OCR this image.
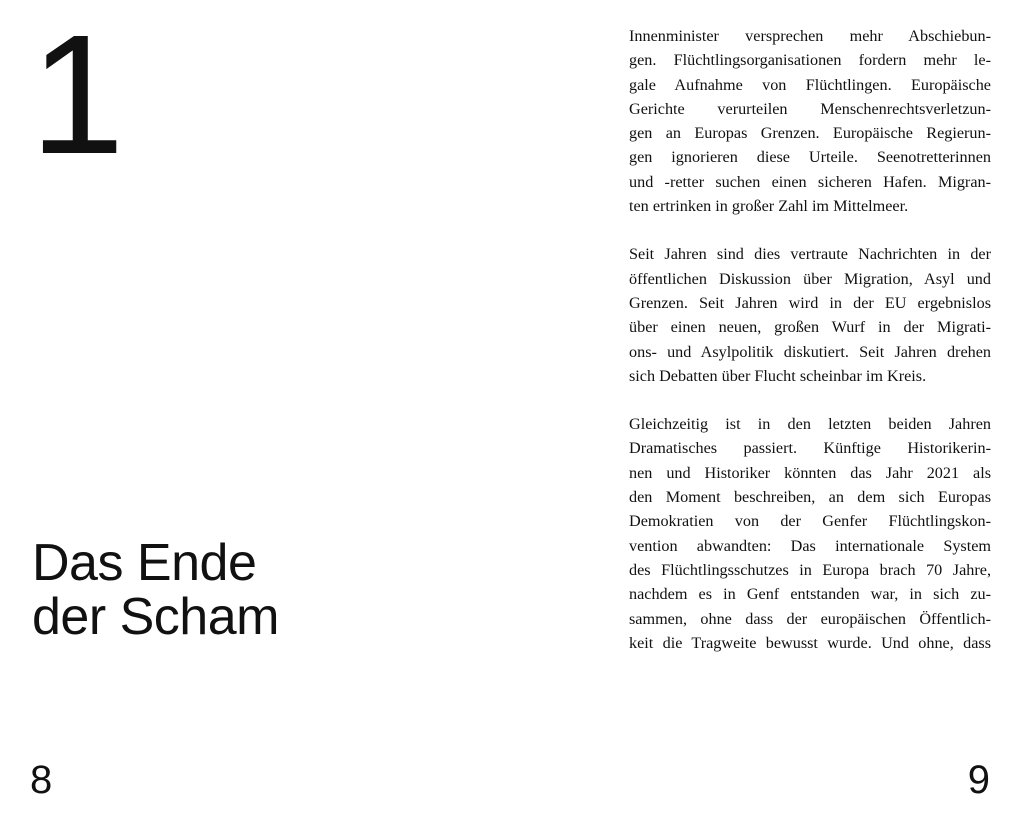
1
Das Ende
der Scham
8	9

Innenminister versprechen mehr Abschiebun-
gen. Flüchtlingsorganisationen fordern mehr le-
gale Aufnahme von Flüchtlingen. Europäische
Gerichte verurteilen Menschenrechtsverletzun-
gen an Europas Grenzen. Europäische Regierun-
gen ignorieren diese Urteile. Seenotretterinnen
und -retter suchen einen sicheren Hafen. Migran-
ten ertrinken in großer Zahl im Mittelmeer.

Seit Jahren sind dies vertraute Nachrichten in der
öffentlichen Diskussion über Migration, Asyl und
Grenzen. Seit Jahren wird in der EU ergebnislos
über einen neuen, großen Wurf in der Migrati-
ons- und Asylpolitik diskutiert. Seit Jahren drehen
sich Debatten über Flucht scheinbar im Kreis.

Gleichzeitig ist in den letzten beiden Jahren
Dramatisches passiert. Künftige Historikerin-
nen und Historiker könnten das Jahr 2021 als
den Moment beschreiben, an dem sich Europas
Demokratien von der Genfer Flüchtlingskon-
vention abwandten: Das internationale System
des Flüchtlingsschutzes in Europa brach 70 Jahre,
nachdem es in Genf entstanden war, in sich zu-
sammen, ohne dass der europäischen Öffentlich-
keit die Tragweite bewusst wurde. Und ohne, dass
